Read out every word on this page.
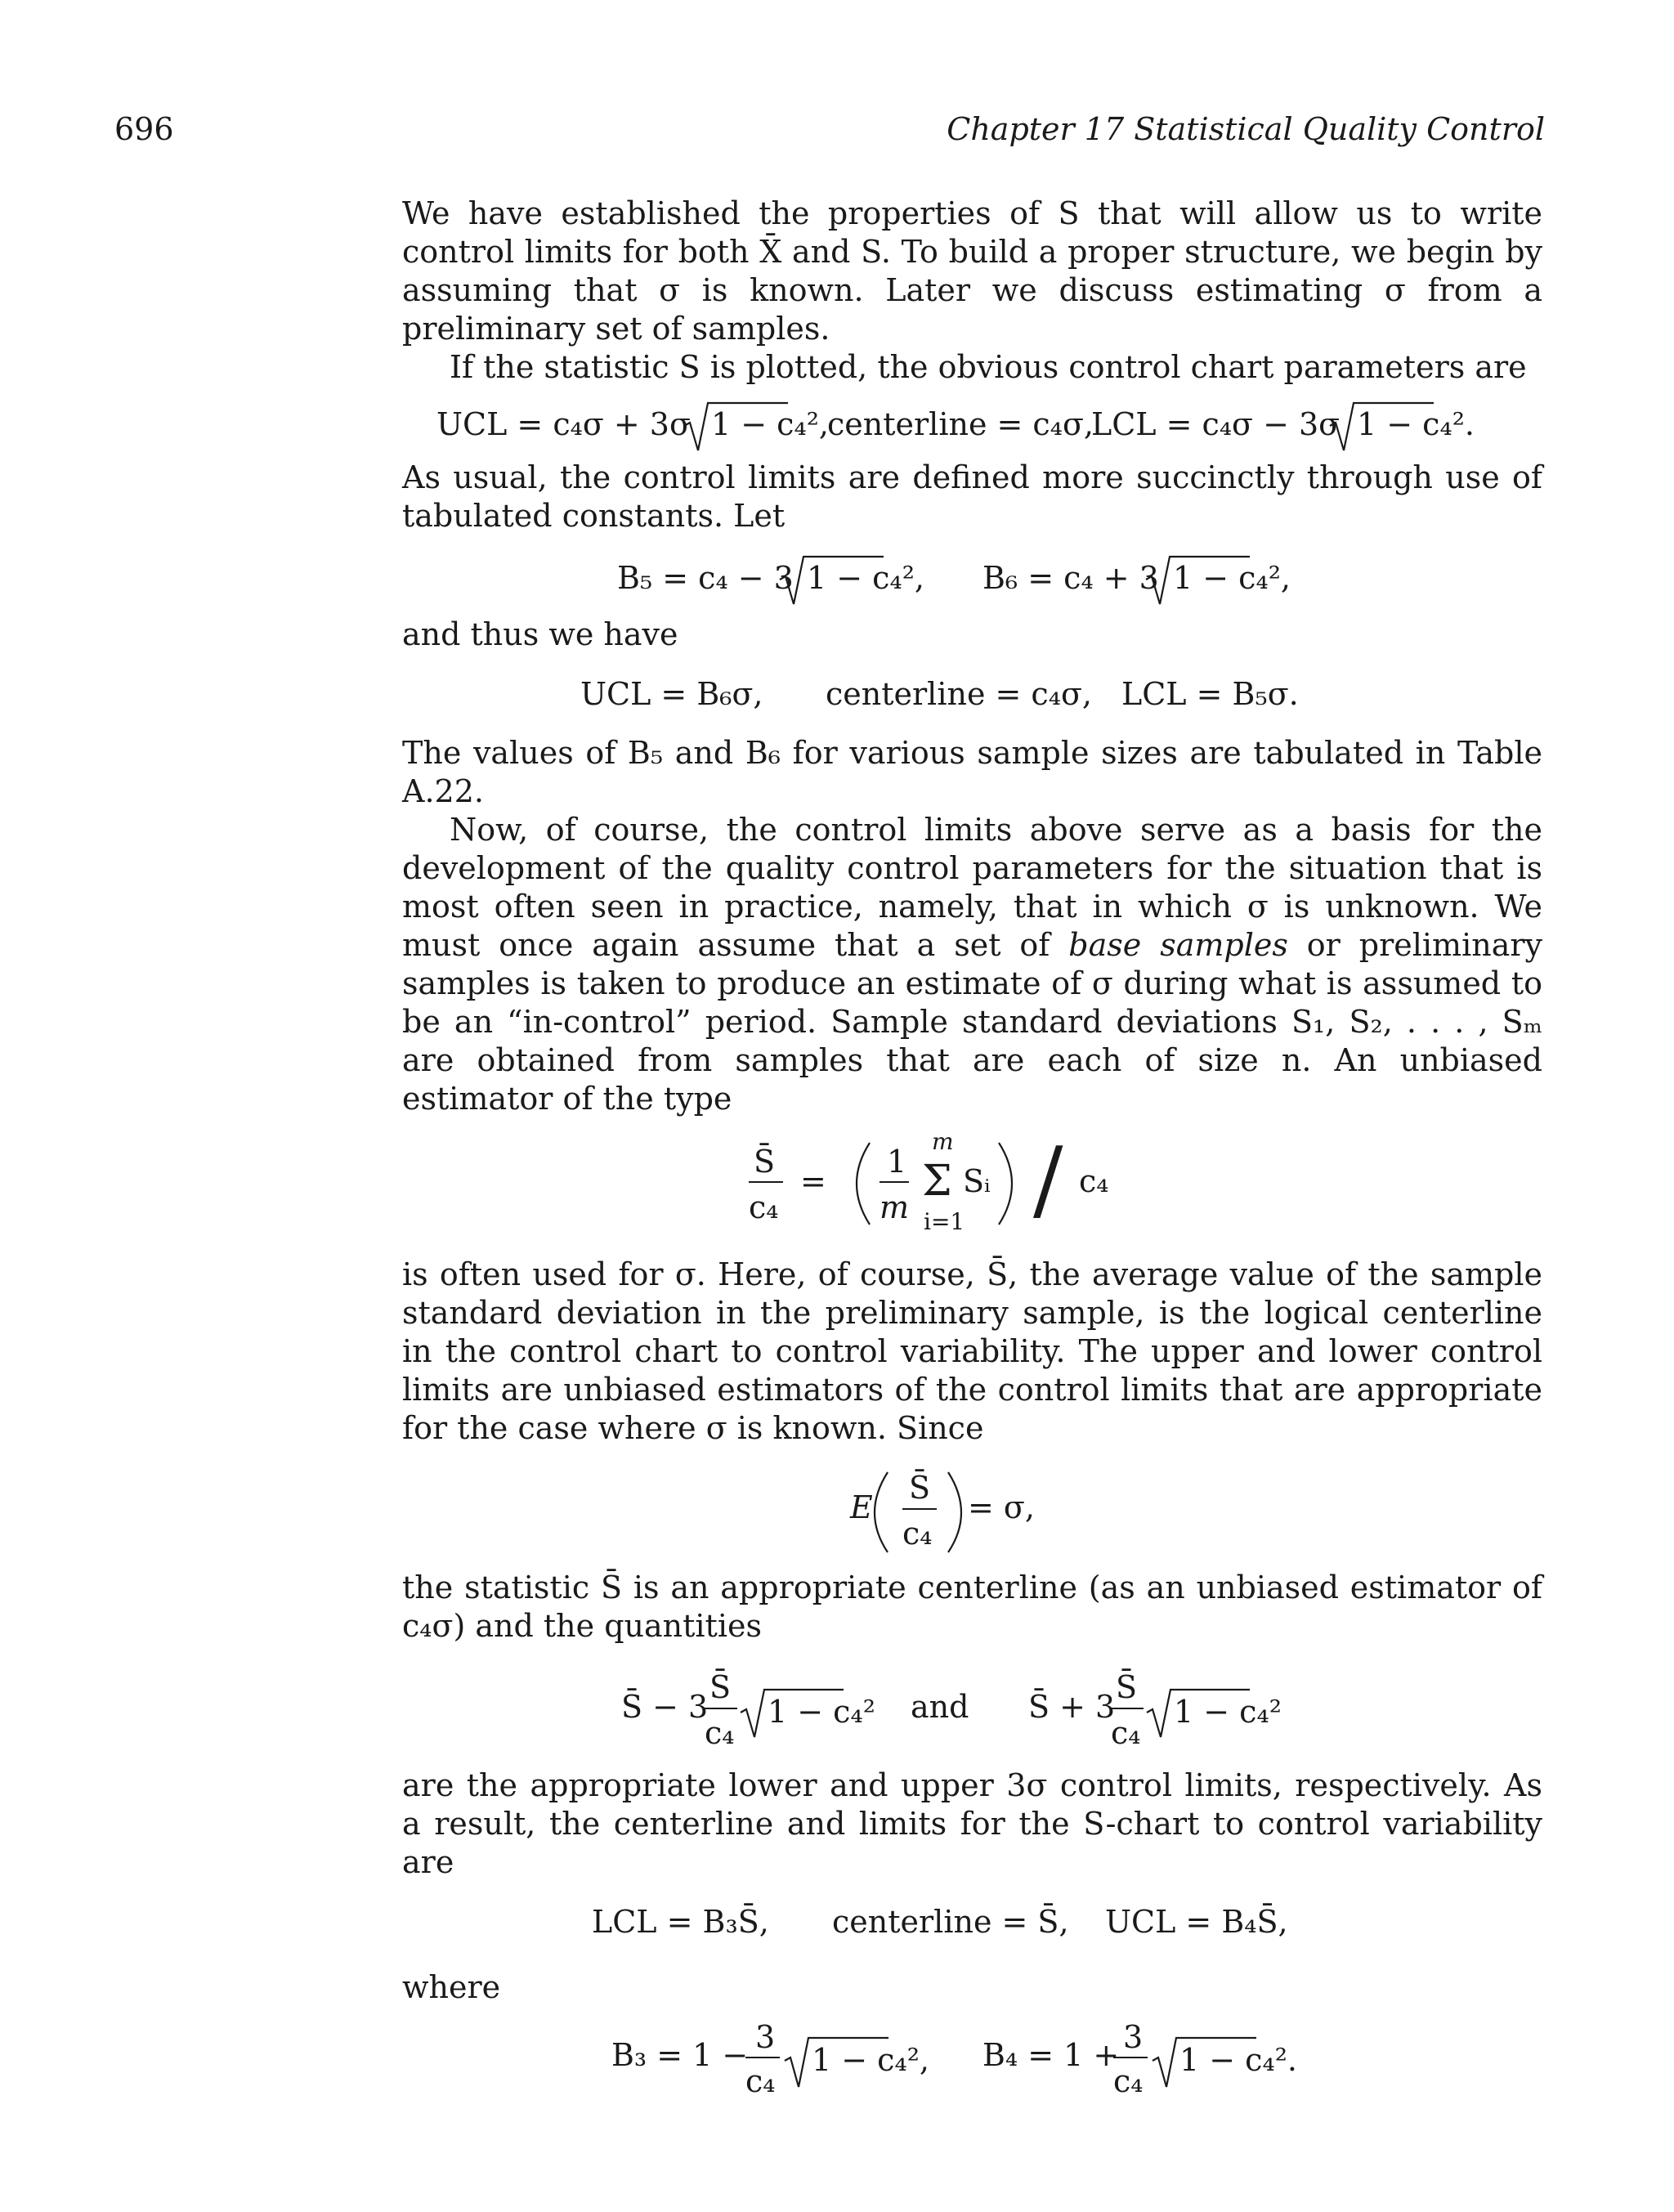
696	Chapter 17 Statistical Quality Control

We have established the properties of S that will allow us to write control limits for both X̄ and S. To build a proper structure, we begin by assuming that σ is known. Later we discuss estimating σ from a preliminary set of samples.

If the statistic S is plotted, the obvious control chart parameters are

UCL = c₄σ + 3σ 1 − c₄²,
centerline = c₄σ,
LCL = c₄σ − 3σ 1 − c₄².

As usual, the control limits are defined more succinctly through use of tabulated constants. Let

B₅ = c₄ − 3 1 − c₄², B₆ = c₄ + 3 1 − c₄²,

and thus we have

UCL = B₆σ, centerline = c₄σ, LCL = B₅σ.

The values of B₅ and B₆ for various sample sizes are tabulated in Table A.22.

Now, of course, the control limits above serve as a basis for the development of the quality control parameters for the situation that is most often seen in practice, namely, that in which σ is unknown. We must once again assume that a set of base samples or preliminary samples is taken to produce an estimate of σ during what is assumed to be an “in-control” period. Sample standard deviations S₁, S₂, . . . , Sₘ are obtained from samples that are each of size n. An unbiased estimator of the type

S̄
c₄
=
1
m
m
Σ
i=1
Sᵢ / c₄

is often used for σ. Here, of course, S̄, the average value of the sample standard deviation in the preliminary sample, is the logical centerline in the control chart to control variability. The upper and lower control limits are unbiased estimators of the control limits that are appropriate for the case where σ is known. Since

E
S̄
c₄
= σ,

the statistic S̄ is an appropriate centerline (as an unbiased estimator of c₄σ) and the quantities

S̄ − 3
S̄
c₄
1 − c₄² and S̄ + 3
S̄
c₄
1 − c₄²

are the appropriate lower and upper 3σ control limits, respectively. As a result, the centerline and limits for the S-chart to control variability are

LCL = B₃S̄, centerline = S̄, UCL = B₄S̄,

where

B₃ = 1 − 3
c₄
1 − c₄², B₄ = 1 + 3
c₄
1 − c₄².
